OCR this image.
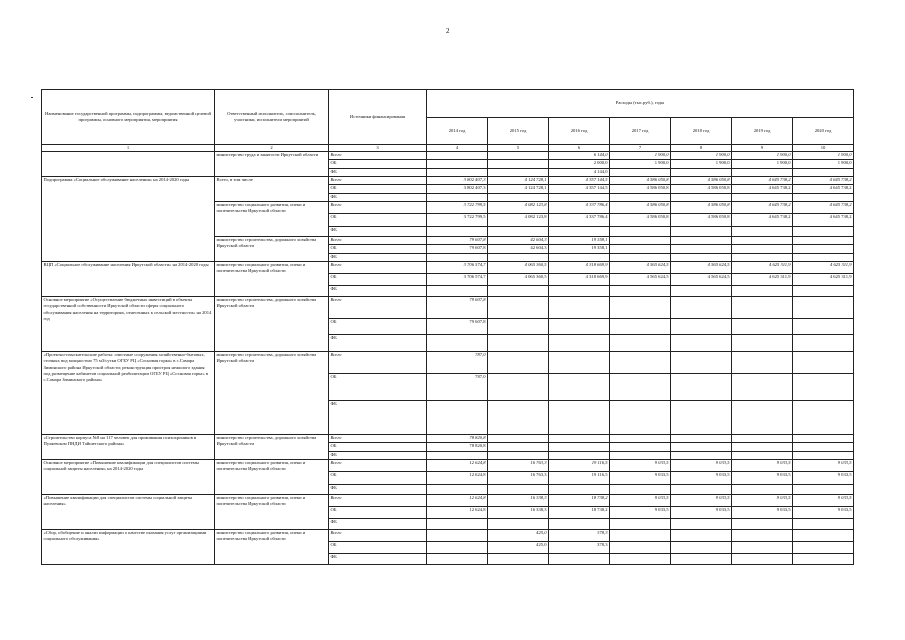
2
Наименование государственной программы, подпрограммы, ведомственной целевой программы, основного мероприятия, мероприятия	Ответственный исполнитель, соисполнитель, участники, исполнители мероприятий	Источники финансирования	Расходы (тыс.руб.), годы						
			2014 год	2015 год	2016 год	2017 год	2018 год	2019 год	2020 год
1	2	3	4	5	6	7	8	9	10
	министерство труда и занятости Иркутской области	Всего			6 144,0	1 900,0	1 900,0	1 900,0	1 900,0
		ОБ			2 000,0	1 900,0	1 900,0	1 900,0	1 900,0
		ФБ			4 144,0				
Подпрограмма «Социальное обслуживание населения» на 2014-2020 годы	Всего, в том числе	Всего	3 802 407,3	4 124 728,1	4 357 144,5	4 586 050,8	4 586 050,8	4 645 738,2	4 645 738,2
		ОБ	3 802 407,3	4 124 728,1	4 357 144,5	4 586 050,8	4 586 050,8	4 645 738,2	4 645 738,2
		ФБ							
	министерство социального развития, опеки и попечительства Иркутской области	Всего	3 722 799,5	4 082 123,8	4 337 786,4	4 586 050,8	4 586 050,8	4 645 738,2	4 645 738,2
		ОБ	3 722 799,5	4 082 123,8	4 337 786,4	4 586 050,8	4 586 050,8	4 645 738,2	4 645 738,2
		ФБ							
	министерство строительства, дорожного хозяйства Иркутской области	Всего	79 607,8	42 604,3	19 358,1				
		ОБ	79 607,8	42 604,3	19 358,1				
		ФБ							
ВЦП «Социальное обслуживание населения Иркутской области» на 2014-2020 годы	министерство социального развития, опеки и попечительства Иркутской области	Всего	3 706 574,7	4 065 360,5	4 318 669,9	4 565 624,5	4 565 624,5	4 625 311,9	4 625 311,9
		ОБ	3 706 574,7	4 065 360,5	4 318 669,9	4 565 624,5	4 565 624,5	4 625 311,9	4 625 311,9
		ФБ							
Основное мероприятие «Осуществление бюджетных инвестиций в объекты государственной собственности Иркутской области сферы социального обслуживания населения на территориях, отнесенных к сельской местности» на 2014 год	министерство строительства, дорожного хозяйства Иркутской области	Всего	79 607,8						
		ОБ	79 607,8						
		ФБ							
«Проектно-изыскательские работы: очистные сооружения хозяйственно-бытовых, сточных вод мощностью 75 м3/сутки ОГБУ РЦ «Сосновая горка» в с.Самара Зиминского района Иркутской области; реконструкция пристроя нежилого здания под размещение кабинетов социальной реабилитации ОГБУ РЦ «Сосновая горка» в с.Самара Зиминского района»	министерство строительства, дорожного хозяйства Иркутской области	Всего	787,0						
		ОБ	787,0						
		ФБ							
«Строительство корпуса №8 на 117 человек для проживания психохроников в Пуляевском ПНДИ Тайшетского района»	министерство строительства, дорожного хозяйства Иркутской области	Всего	78 820,8						
		ОБ	78 820,8						
		ФБ							
Основное мероприятие «Повышение квалификации для специалистов системы социальной защиты населения» на 2014-2020 годы	министерство социального развития, опеки и попечительства Иркутской области	Всего	12 624,8	16 763,3	19 116,5	9 033,5	9 033,5	9 033,5	9 033,5
		ОБ	12 624,8	16 763,3	19 116,5	9 033,5	9 033,5	9 033,5	9 033,5
		ФБ							
«Повышение квалификации для специалистов системы социальной защиты населения»	министерство социального развития, опеки и попечительства Иркутской области	Всего	12 624,8	16 338,3	18 738,2	9 033,5	9 033,5	9 033,5	9 033,5
		ОБ	12 624,8	16 338,3	18 738,2	9 033,5	9 033,5	9 033,5	9 033,5
		ФБ							
«Сбор, обобщение и анализ информации о качестве оказания услуг организациями социального обслуживания»	министерство социального развития, опеки и попечительства Иркутской области	Всего		425,0	378,3				
		ОБ		425,0	378,3				
		ФБ							
